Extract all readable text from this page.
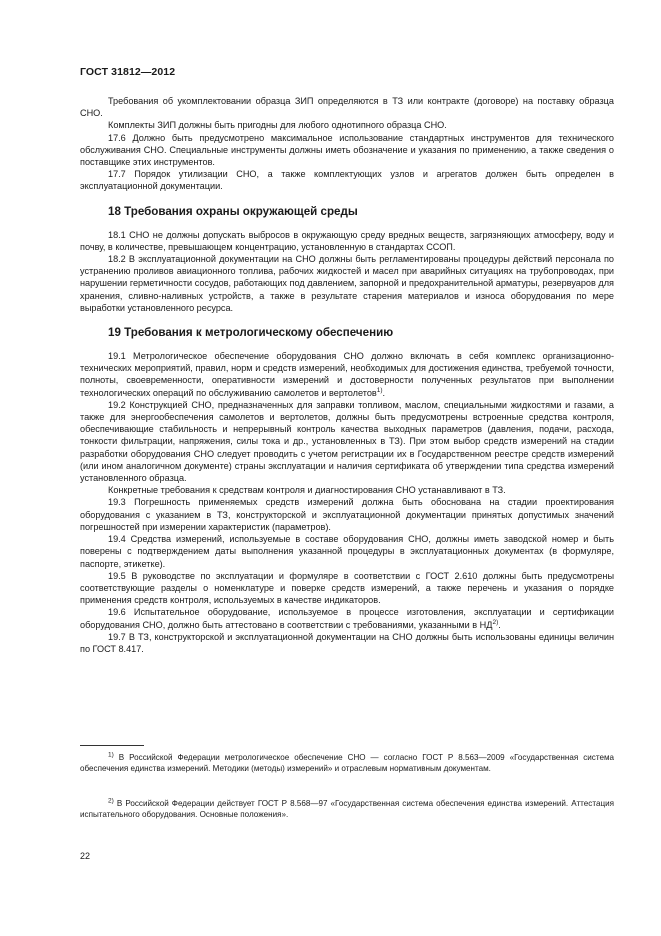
ГОСТ 31812—2012

Требования об укомплектовании образца ЗИП определяются в ТЗ или контракте (договоре) на поставку образца СНО.

Комплекты ЗИП должны быть пригодны для любого однотипного образца СНО.

17.6 Должно быть предусмотрено максимальное использование стандартных инструментов для технического обслуживания СНО. Специальные инструменты должны иметь обозначение и указания по применению, а также сведения о поставщике этих инструментов.

17.7 Порядок утилизации СНО, а также комплектующих узлов и агрегатов должен быть определен в эксплуатационной документации.

18 Требования охраны окружающей среды

18.1 СНО не должны допускать выбросов в окружающую среду вредных веществ, загрязняющих атмосферу, воду и почву, в количестве, превышающем концентрацию, установленную в стандартах ССОП.

18.2 В эксплуатационной документации на СНО должны быть регламентированы процедуры действий персонала по устранению проливов авиационного топлива, рабочих жидкостей и масел при аварийных ситуациях на трубопроводах, при нарушении герметичности сосудов, работающих под давлением, запорной и предохранительной арматуры, резервуаров для хранения, сливно-наливных устройств, а также в результате старения материалов и износа оборудования по мере выработки установленного ресурса.

19 Требования к метрологическому обеспечению

19.1 Метрологическое обеспечение оборудования СНО должно включать в себя комплекс организационно-технических мероприятий, правил, норм и средств измерений, необходимых для достижения единства, требуемой точности, полноты, своевременности, оперативности измерений и достоверности полученных результатов при выполнении технологических операций по обслуживанию самолетов и вертолетов$^{1)}$.

19.2 Конструкцией СНО, предназначенных для заправки топливом, маслом, специальными жидкостями и газами, а также для энергообеспечения самолетов и вертолетов, должны быть предусмотрены встроенные средства контроля, обеспечивающие стабильность и непрерывный контроль качества выходных параметров (давления, подачи, расхода, тонкости фильтрации, напряжения, силы тока и др., установленных в ТЗ). При этом выбор средств измерений на стадии разработки оборудования СНО следует проводить с учетом регистрации их в Государственном реестре средств измерений (или ином аналогичном документе) страны эксплуатации и наличия сертификата об утверждении типа средства измерений установленного образца.

Конкретные требования к средствам контроля и диагностирования СНО устанавливают в ТЗ.

19.3 Погрешность применяемых средств измерений должна быть обоснована на стадии проектирования оборудования с указанием в ТЗ, конструкторской и эксплуатационной документации принятых допустимых значений погрешностей при измерении характеристик (параметров).

19.4 Средства измерений, используемые в составе оборудования СНО, должны иметь заводской номер и быть поверены с подтверждением даты выполнения указанной процедуры в эксплуатационных документах (в формуляре, паспорте, этикетке).

19.5 В руководстве по эксплуатации и формуляре в соответствии с ГОСТ 2.610 должны быть предусмотрены соответствующие разделы о номенклатуре и поверке средств измерений, а также перечень и указания о порядке применения средств контроля, используемых в качестве индикаторов.

19.6 Испытательное оборудование, используемое в процессе изготовления, эксплуатации и сертификации оборудования СНО, должно быть аттестовано в соответствии с требованиями, указанными в НД$^{2)}$.

19.7 В ТЗ, конструкторской и эксплуатационной документации на СНО должны быть использованы единицы величин по ГОСТ 8.417.

$^{1)}$ В Российской Федерации метрологическое обеспечение СНО — согласно ГОСТ Р 8.563—2009 «Государственная система обеспечения единства измерений. Методики (методы) измерений» и отраслевым нормативным документам.

$^{2)}$ В Российской Федерации действует ГОСТ Р 8.568—97 «Государственная система обеспечения единства измерений. Аттестация испытательного оборудования. Основные положения».

22
